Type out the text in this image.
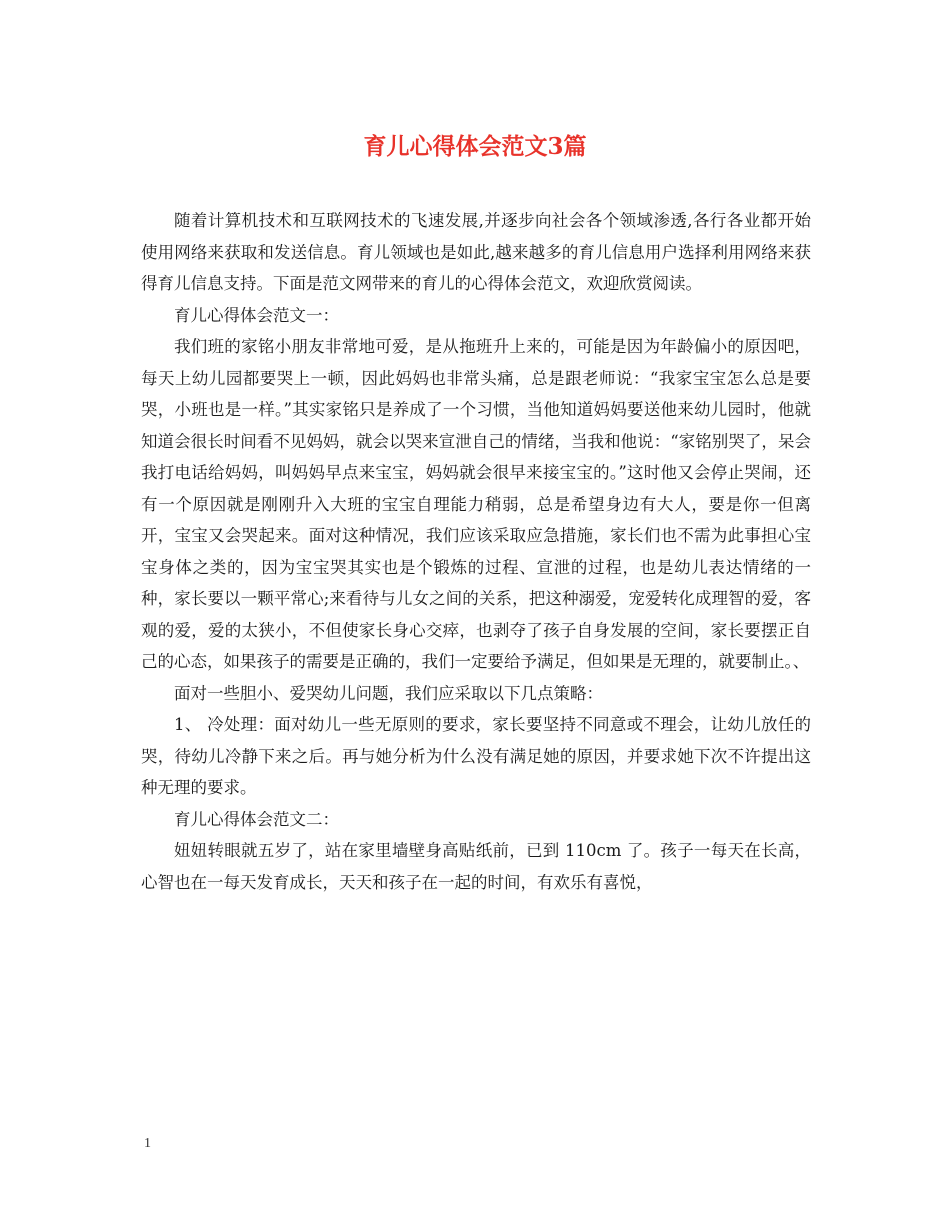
育儿心得体会范文3篇

随着计算机技术和互联网技术的飞速发展,并逐步向社会各个领域渗透,各行各业都开始使用网络来获取和发送信息。育儿领域也是如此,越来越多的育儿信息用户选择利用网络来获得育儿信息支持。下面是范文网带来的育儿的心得体会范文，欢迎欣赏阅读。

育儿心得体会范文一：

我们班的家铭小朋友非常地可爱，是从拖班升上来的，可能是因为年龄偏小的原因吧，每天上幼儿园都要哭上一顿，因此妈妈也非常头痛，总是跟老师说：“我家宝宝怎么总是要哭，小班也是一样。”其实家铭只是养成了一个习惯，当他知道妈妈要送他来幼儿园时，他就知道会很长时间看不见妈妈，就会以哭来宣泄自己的情绪，当我和他说：“家铭别哭了，呆会我打电话给妈妈，叫妈妈早点来宝宝，妈妈就会很早来接宝宝的。”这时他又会停止哭闹，还有一个原因就是刚刚升入大班的宝宝自理能力稍弱，总是希望身边有大人，要是你一但离开，宝宝又会哭起来。面对这种情况，我们应该采取应急措施，家长们也不需为此事担心宝宝身体之类的，因为宝宝哭其实也是个锻炼的过程、宣泄的过程，也是幼儿表达情绪的一种，家长要以一颗平常心;来看待与儿女之间的关系，把这种溺爱，宠爱转化成理智的爱，客观的爱，爱的太狭小，不但使家长身心交瘁，也剥夺了孩子自身发展的空间，家长要摆正自己的心态，如果孩子的需要是正确的，我们一定要给予满足，但如果是无理的，就要制止。、

面对一些胆小、爱哭幼儿问题，我们应采取以下几点策略：

1、 冷处理：面对幼儿一些无原则的要求，家长要坚持不同意或不理会，让幼儿放任的哭，待幼儿冷静下来之后。再与她分析为什么没有满足她的原因，并要求她下次不许提出这种无理的要求。

育儿心得体会范文二：

妞妞转眼就五岁了，站在家里墙壁身高贴纸前，已到 110cm 了。孩子一每天在长高，心智也在一每天发育成长，天天和孩子在一起的时间，有欢乐有喜悦，

1
